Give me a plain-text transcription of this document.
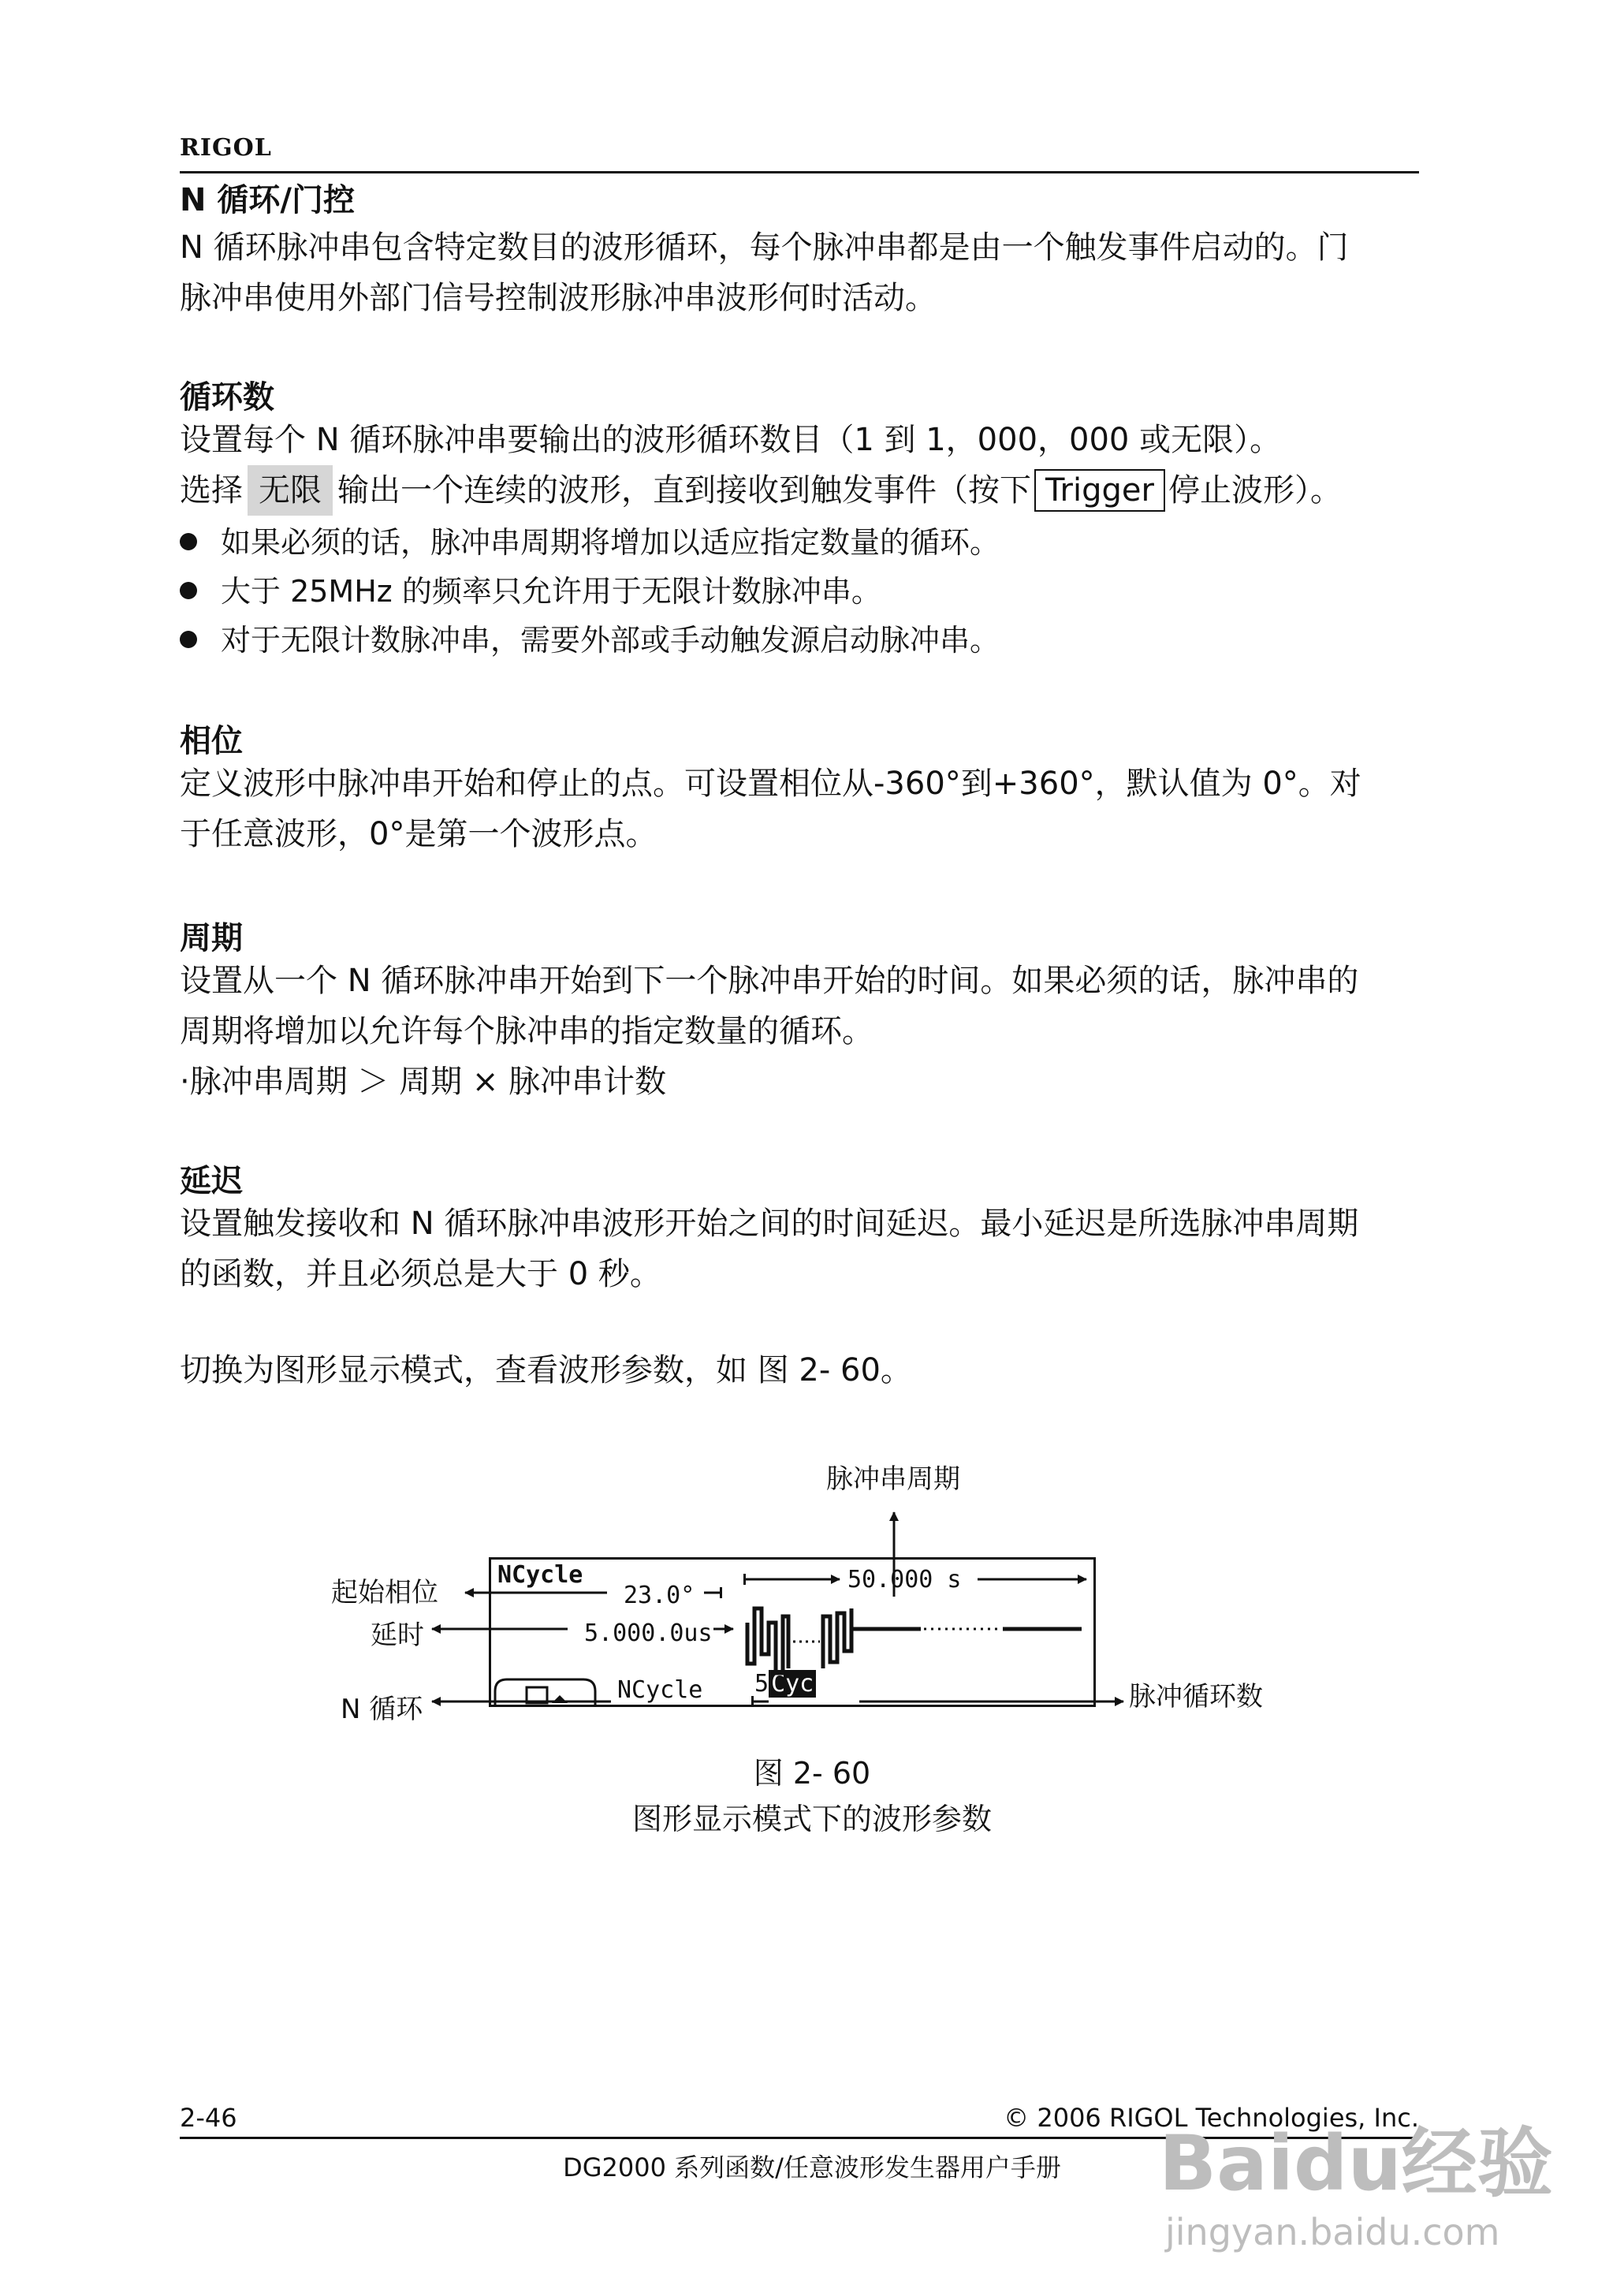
RIGOL
N 循环/门控
N 循环脉冲串包含特定数目的波形循环，每个脉冲串都是由一个触发事件启动的。门
脉冲串使用外部门信号控制波形脉冲串波形何时活动。
循环数
设置每个 N 循环脉冲串要输出的波形循环数目（1 到 1，000，000 或无限）。
选择 无限 输出一个连续的波形，直到接收到触发事件（按下 Trigger 停止波形）。
如果必须的话，脉冲串周期将增加以适应指定数量的循环。
大于 25MHz 的频率只允许用于无限计数脉冲串。
对于无限计数脉冲串，需要外部或手动触发源启动脉冲串。
相位
定义波形中脉冲串开始和停止的点。可设置相位从-360°到+360°，默认值为 0°。对
于任意波形，0°是第一个波形点。
周期
设置从一个 N 循环脉冲串开始到下一个脉冲串开始的时间。如果必须的话，脉冲串的
周期将增加以允许每个脉冲串的指定数量的循环。
·脉冲串周期 ＞ 周期 × 脉冲串计数
延迟
设置触发接收和 N 循环脉冲串波形开始之间的时间延迟。最小延迟是所选脉冲串周期
的函数，并且必须总是大于 0 秒。
切换为图形显示模式，查看波形参数，如 图 2- 60。
脉冲串周期
起始相位
延时
N 循环	脉冲循环数
NCycle
23.0°
50.000 s
5.000.0us
NCycle 5 Cyc
图 2- 60
图形显示模式下的波形参数
2-46	© 2006 RIGOL Technologies, Inc.
DG2000 系列函数/任意波形发生器用户手册	Baidu经验
jingyan.baidu.com
